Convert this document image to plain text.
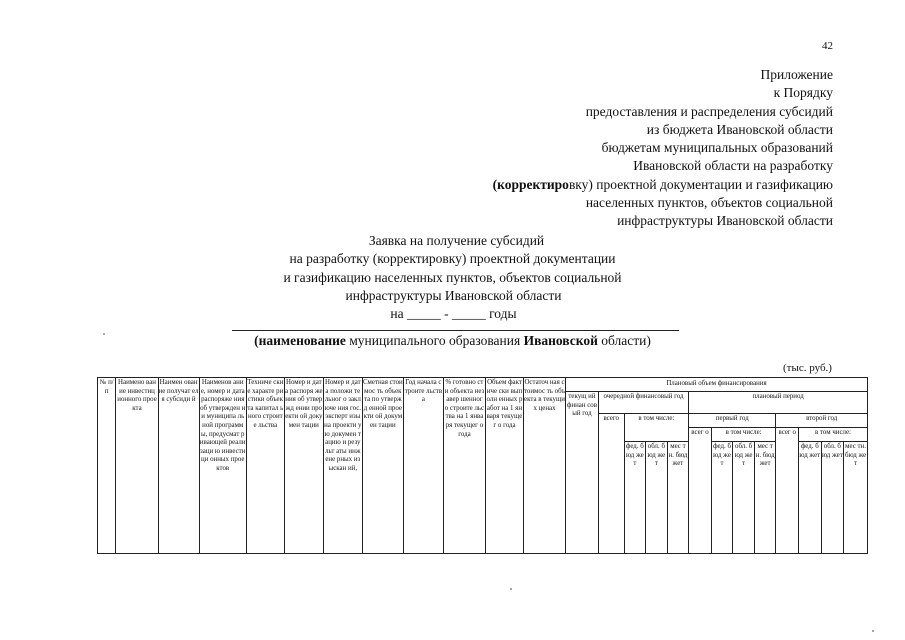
42
Приложение
к Порядку
предоставления и распределения субсидий
из бюджета Ивановской области
бюджетам муниципальных образований
Ивановской области на разработку
(корректировку) проектной документации и газификацию
населенных пунктов, объектов социальной
инфраструктуры Ивановской области
Заявка на получение субсидий
на разработку (корректировку) проектной документации
и газификацию населенных пунктов, объектов социальной
инфраструктуры Ивановской области
на _____ - _____ годы
(наименование муниципального образования Ивановской области)
(тыс. руб.)
№ п/п	Наимено вание инвестиц ионного проекта	Наимен ование получат еля субсиди й	Наименов ание, номер и дата распоряже ния об утвержден ии муниципа льной программ ы, предусмат ривающей реализаци ю инвестици онных проектов	Техниче ские характе ристики объекта капитал ьного строите льства	Номер и дата распоря жения об утвержд ении проекти ой докумен тации	Номер и дата положи тельног о заключе ния гос. эксперт изы на проекти ую докумен тацию и результ аты инжене рных изыскан ий,	Сметная стоимос ть объекта по утвержд енной проекти ой докумен тации	Год начала строите льства	% готовно сти объекта незавер шенног о строите льства на 1 января текущег о года	Объем фактиче ски выполн енных работ на 1 января текущег о года	Остаточ ная стоимос ть объекта в текущи х ценах	Плановый объем финансирования												
												текущ ий финан совый год	очередной финансовый год				плановый период							
													всего	в том числе:			первый год				второй год			
																	всег о	в том числе:			всег о	в том числе:		
														фед. бюд жет	обл. бюд жет	мес тн. бюд жет		фед. бюд жет	обл. бюд жет	мес тн. бюд жет		фед. бюд жет	обл. бюд жет	мес тн. бюд жет
